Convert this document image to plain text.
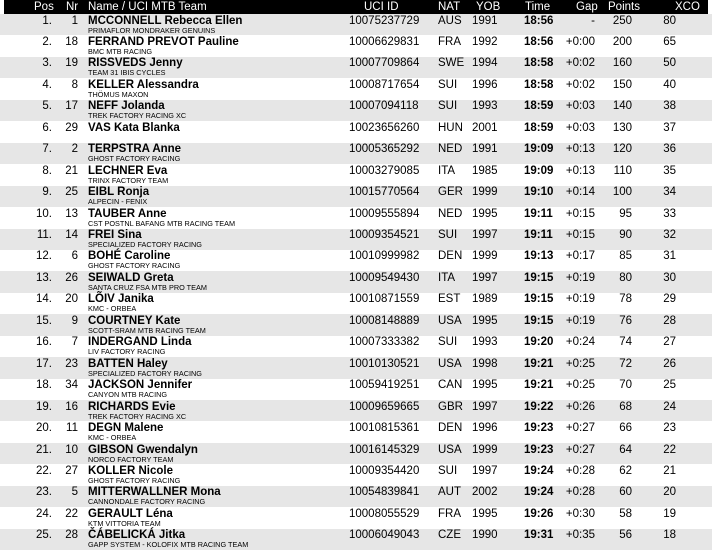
Pos Nr Name / UCI MTB Team	UCI ID	NAT YOB Time Gap Points	XCO
1.	1 MCCONNELL Rebecca Ellen	10075237729 AUS 1991 18:56	-	250	80
PRIMAFLOR MONDRAKER GENUINS
2.	18 FERRAND PREVOT Pauline	10006629831 FRA 1992 18:56	+0:00	200	65
BMC MTB RACING
3.	19 RISSVEDS Jenny	10007709864 SWE 1994 18:58	+0:02	160	50
TEAM 31 IBIS CYCLES
4.	8 KELLER Alessandra	10008717654 SUI 1996 18:58	+0:02	150	40
THÖMUS MAXON
5.	17 NEFF Jolanda	10007094118 SUI 1993 18:59	+0:03	140	38
TREK FACTORY RACING XC
6.	29 VAS Kata Blanka	10023656260 HUN 2001 18:59	+0:03	130	37
7.	2 TERPSTRA Anne	10005365292 NED 1991 19:09	+0:13	120	36
GHOST FACTORY RACING
8.	21 LECHNER Eva	10003279085 ITA 1985 19:09	+0:13	110	35
TRINX FACTORY TEAM
9.	25 EIBL Ronja	10015770564 GER 1999 19:10	+0:14	100	34
ALPECIN - FENIX
10.	13 TAUBER Anne	10009555894 NED 1995 19:11	+0:15	95	33
CST POSTNL BAFANG MTB RACING TEAM
11.	14 FREI Sina	10009354521 SUI 1997 19:11	+0:15	90	32
SPECIALIZED FACTORY RACING
12.	6 BOHÉ Caroline	10010999982 DEN 1999 19:13	+0:17	85	31
GHOST FACTORY RACING
13.	26 SEIWALD Greta	10009549430 ITA 1997 19:15	+0:19	80	30
SANTA CRUZ FSA MTB PRO TEAM
14.	20 LÕIV Janika	10010871559 EST 1989 19:15	+0:19	78	29
KMC - ORBEA
15.	9 COURTNEY Kate	10008148889 USA 1995 19:15	+0:19	76	28
SCOTT-SRAM MTB RACING TEAM
16.	7 INDERGAND Linda	10007333382 SUI 1993 19:20	+0:24	74	27
LIV FACTORY RACING
17.	23 BATTEN Haley	10010130521 USA 1998 19:21	+0:25	72	26
SPECIALIZED FACTORY RACING
18.	34 JACKSON Jennifer	10059419251 CAN 1995 19:21	+0:25	70	25
CANYON MTB RACING
19.	16 RICHARDS Evie	10009659665 GBR 1997 19:22	+0:26	68	24
TREK FACTORY RACING XC
20.	11 DEGN Malene	10010815361 DEN 1996 19:23	+0:27	66	23
KMC - ORBEA
21.	10 GIBSON Gwendalyn	10016145329 USA 1999 19:23	+0:27	64	22
NORCO FACTORY TEAM
22.	27 KOLLER Nicole	10009354420 SUI 1997 19:24	+0:28	62	21
GHOST FACTORY RACING
23.	5 MITTERWALLNER Mona	10054839841 AUT 2002 19:24	+0:28	60	20
CANNONDALE FACTORY RACING
24.	22 GERAULT Léna	10008055529 FRA 1995 19:26	+0:30	58	19
KTM VITTORIA TEAM
25.	28 ČÁBELICKÁ Jitka	10006049043 CZE 1990 19:31	+0:35	56	18
GAPP SYSTEM - KOLOFIX MTB RACING TEAM
